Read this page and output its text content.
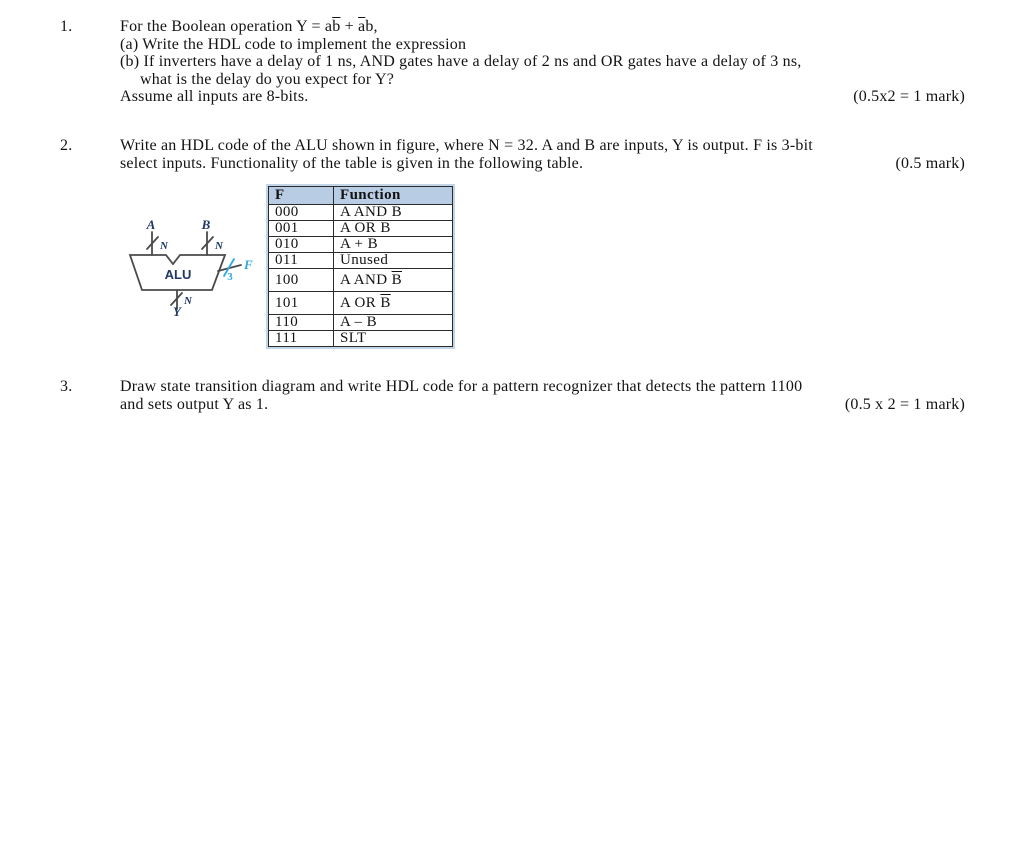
1.	For the Boolean operation $Y = a\overline{b} + \overline{a}b$,
(a) Write the HDL code to implement the expression
(b) If inverters have a delay of 1 ns, AND gates have a delay of 2 ns and OR gates have a delay of 3 ns,
what is the delay do you expect for Y?
Assume all inputs are 8-bits.	(0.5x2 = 1 mark)
2.	Write an HDL code of the ALU shown in figure, where N = 32. A and B are inputs, Y is output. F is 3-bit
select inputs. Functionality of the table is given in the following table.	(0.5 mark)
A	B
N	N
ALU
N
Y
3
F
F	Function
000	A AND B
001	A OR B
010	A + B
011	Unused
100	A AND $\overline{B}$
101	A OR $\overline{B}$
110	A – B
111	SLT
3.	Draw state transition diagram and write HDL code for a pattern recognizer that detects the pattern 1100
and sets output Y as 1.	(0.5 x 2 = 1 mark)
